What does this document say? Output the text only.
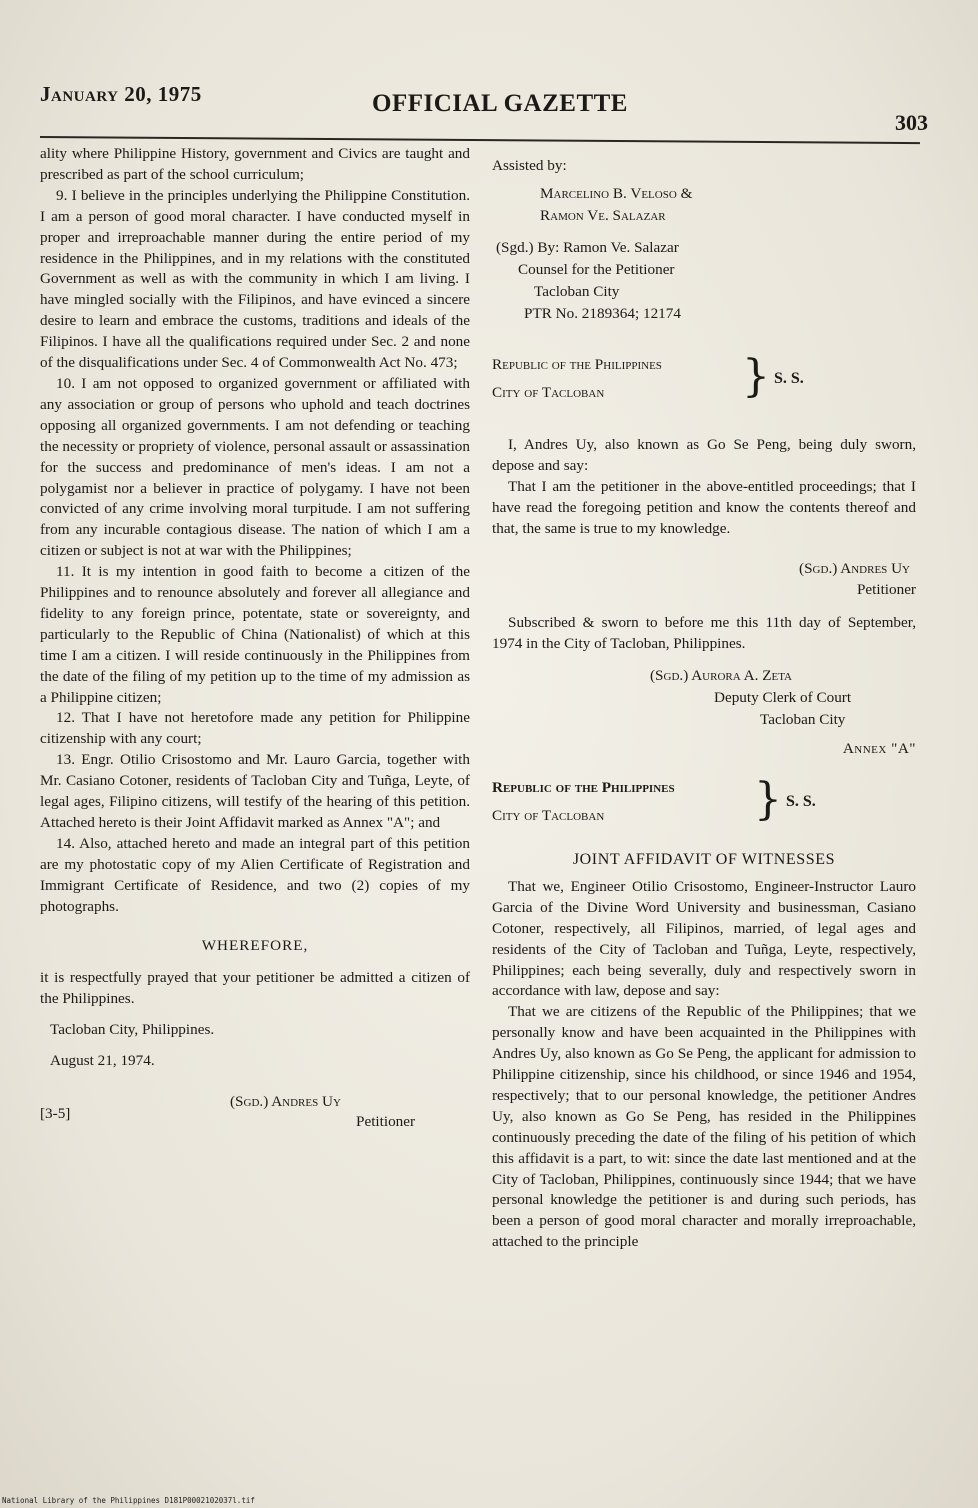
January 20, 1975	OFFICIAL GAZETTE
303

ality where Philippine History, government and Civics are taught and prescribed as part of the school curriculum;

9. I believe in the principles underlying the Philippine Constitution. I am a person of good moral character. I have conducted myself in proper and irreproachable manner during the entire period of my residence in the Philippines, and in my relations with the constituted Government as well as with the community in which I am living. I have mingled socially with the Filipinos, and have evinced a sincere desire to learn and embrace the customs, traditions and ideals of the Filipinos. I have all the qualifications required under Sec. 2 and none of the disqualifications under Sec. 4 of Commonwealth Act No. 473;

10. I am not opposed to organized government or affiliated with any association or group of persons who uphold and teach doctrines opposing all organized governments. I am not defending or teaching the necessity or propriety of violence, personal assault or assassination for the success and predominance of men's ideas. I am not a polygamist nor a believer in practice of polygamy. I have not been convicted of any crime involving moral turpitude. I am not suffering from any incurable contagious disease. The nation of which I am a citizen or subject is not at war with the Philippines;

11. It is my intention in good faith to become a citizen of the Philippines and to renounce absolutely and forever all allegiance and fidelity to any foreign prince, potentate, state or sovereignty, and particularly to the Republic of China (Nationalist) of which at this time I am a citizen. I will reside continuously in the Philippines from the date of the filing of my petition up to the time of my admission as a Philippine citizen;

12. That I have not heretofore made any petition for Philippine citizenship with any court;

13. Engr. Otilio Crisostomo and Mr. Lauro Garcia, together with Mr. Casiano Cotoner, residents of Tacloban City and Tuñga, Leyte, of legal ages, Filipino citizens, will testify of the hearing of this petition. Attached hereto is their Joint Affidavit marked as Annex "A"; and

14. Also, attached hereto and made an integral part of this petition are my photostatic copy of my Alien Certificate of Registration and Immigrant Certificate of Residence, and two (2) copies of my photographs.

WHEREFORE,

it is respectfully prayed that your petitioner be admitted a citizen of the Philippines.

Tacloban City, Philippines.

August 21, 1974.

[3-5]
(Sgd.) Andres Uy
Petitioner

Assisted by:

Marcelino B. Veloso &
Ramon Ve. Salazar
(Sgd.) By: Ramon Ve. Salazar
Counsel for the Petitioner
Tacloban City
PTR No. 2189364; 12174
Republic of the Philippines
City of Tacloban	} S. S.

I, Andres Uy, also known as Go Se Peng, being duly sworn, depose and say:

That I am the petitioner in the above-entitled proceedings; that I have read the foregoing petition and know the contents thereof and that, the same is true to my knowledge.

(Sgd.) Andres Uy

Petitioner

Subscribed & sworn to before me this 11th day of September, 1974 in the City of Tacloban, Philippines.

(Sgd.) Aurora A. Zeta
Deputy Clerk of Court
Tacloban City

Annex "A"

Republic of the Philippines
City of Tacloban	} S. S.

JOINT AFFIDAVIT OF WITNESSES

That we, Engineer Otilio Crisostomo, Engineer-Instructor Lauro Garcia of the Divine Word University and businessman, Casiano Cotoner, respectively, all Filipinos, married, of legal ages and residents of the City of Tacloban and Tuñga, Leyte, respectively, Philippines; each being severally, duly and respectively sworn in accordance with law, depose and say:

That we are citizens of the Republic of the Philippines; that we personally know and have been acquainted in the Philippines with Andres Uy, also known as Go Se Peng, the applicant for admission to Philippine citizenship, since his childhood, or since 1946 and 1954, respectively; that to our personal knowledge, the petitioner Andres Uy, also known as Go Se Peng, has resided in the Philippines continuously preceding the date of the filing of his petition of which this affidavit is a part, to wit: since the date last mentioned and at the City of Tacloban, Philippines, continuously since 1944; that we have personal knowledge the petitioner is and during such periods, has been a person of good moral character and morally irreproachable, attached to the principle

National Library of the Philippines D181P0002102037l.tif
